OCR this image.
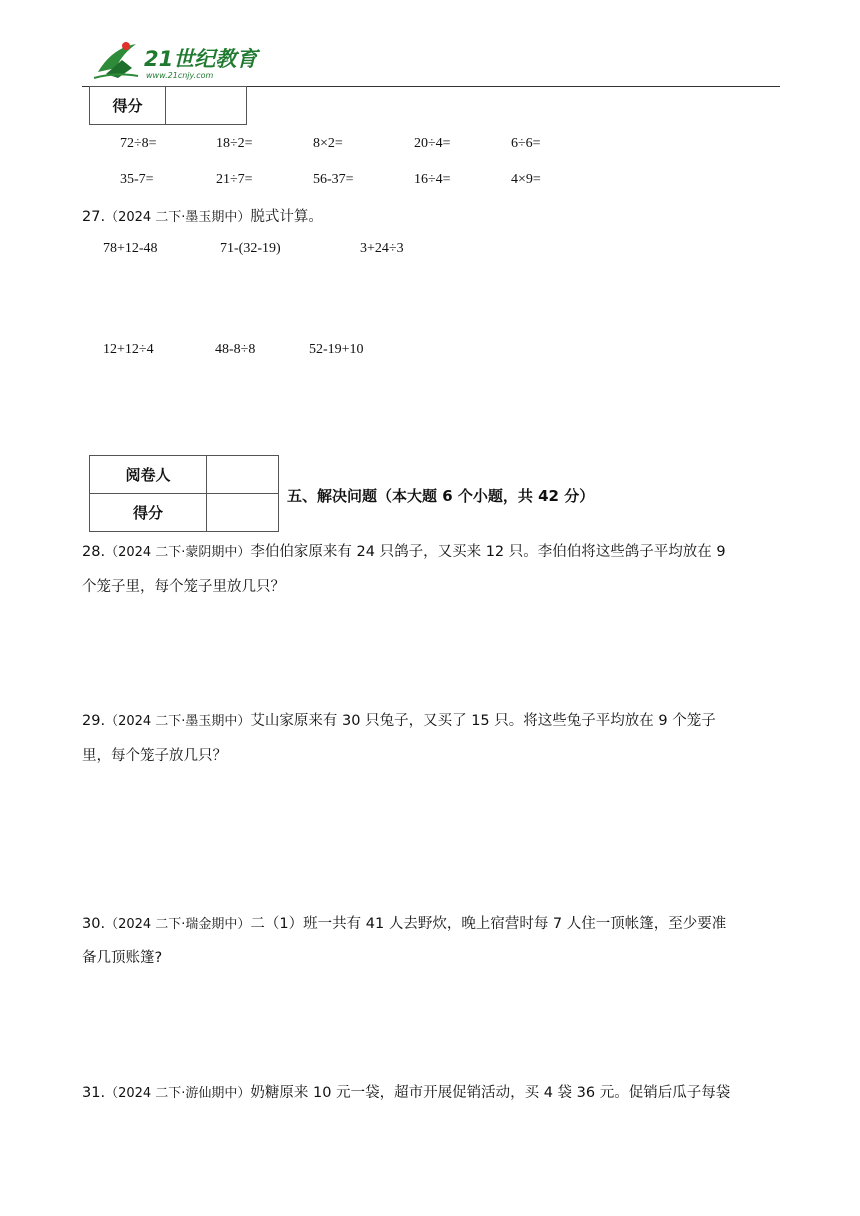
21世纪教育
www.21cnjy.com
得分	
72÷8=	18÷2=	8×2=	20÷4=	6÷6=
35-7=	21÷7=	56-37=	16÷4=	4×9=
27.（2024 二下·墨玉期中）脱式计算。
78+12-48	71-(32-19)	3+24÷3
12+12÷4	48-8÷8	52-19+10
阅卷人	
得分	
五、解决问题（本大题 6 个小题，共 42 分）
28.（2024 二下·蒙阴期中）李伯伯家原来有 24 只鸽子，又买来 12 只。李伯伯将这些鸽子平均放在 9
个笼子里，每个笼子里放几只？
29.（2024 二下·墨玉期中）艾山家原来有 30 只兔子，又买了 15 只。将这些兔子平均放在 9 个笼子
里，每个笼子放几只？
30.（2024 二下·瑞金期中）二（1）班一共有 41 人去野炊，晚上宿营时每 7 人住一顶帐篷，至少要准
备几顶账篷?
31.（2024 二下·游仙期中）奶糖原来 10 元一袋，超市开展促销活动，买 4 袋 36 元。促销后瓜子每袋
